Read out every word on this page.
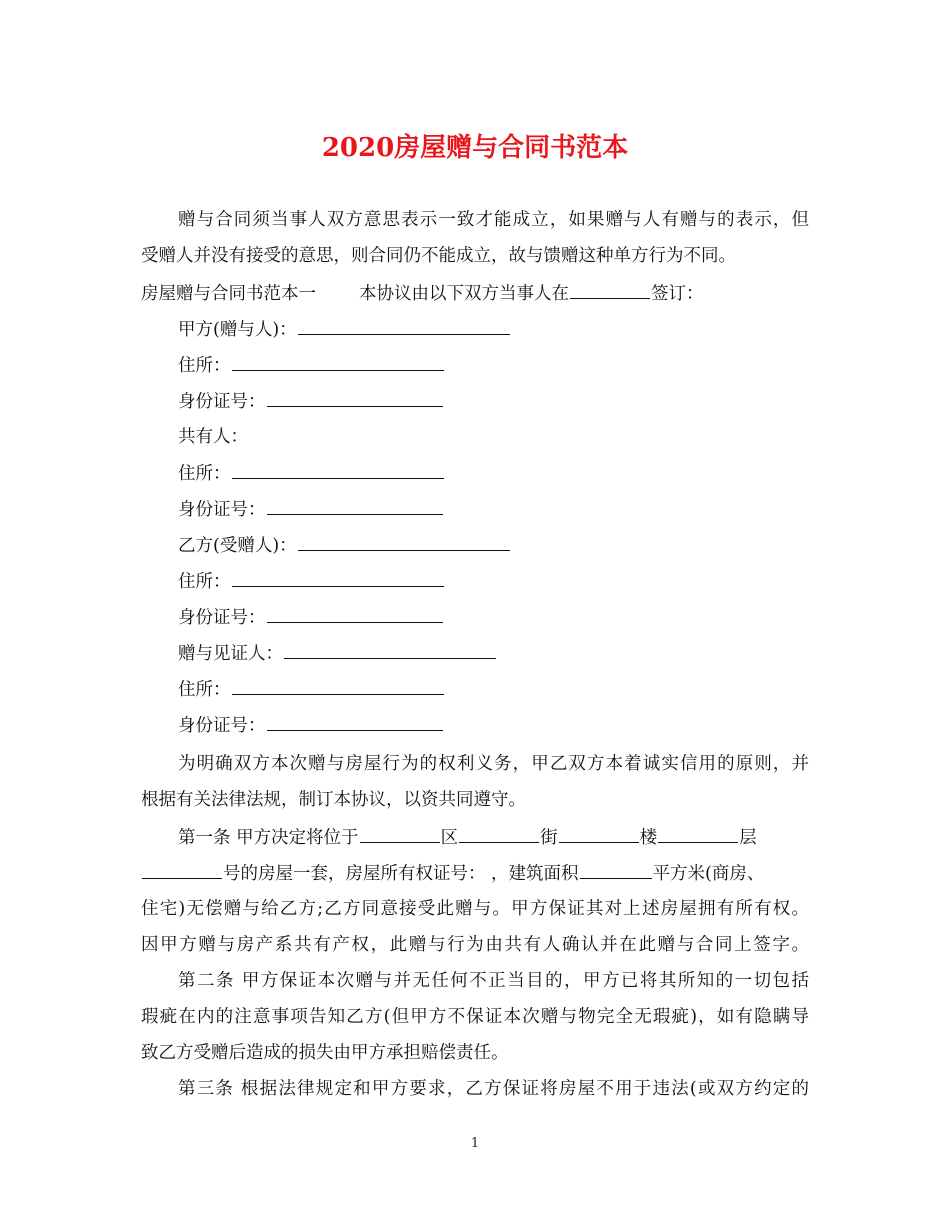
2020房屋赠与合同书范本
赠与合同须当事人双方意思表示一致才能成立，如果赠与人有赠与的表示，但
受赠人并没有接受的意思，则合同仍不能成立，故与馈赠这种单方行为不同。
房屋赠与合同书范本一 本协议由以下双方当事人在	签订：
甲方(赠与人)：
住所：
身份证号：
共有人：
住所：
身份证号：
乙方(受赠人)：
住所：
身份证号：
赠与见证人：
住所：
身份证号：
为明确双方本次赠与房屋行为的权利义务，甲乙双方本着诚实信用的原则，并
根据有关法律法规，制订本协议，以资共同遵守。
第一条 甲方决定将位于	区	街	楼	层
号的房屋一套，房屋所有权证号： ，建筑面积	平方米(商房、
住宅)无偿赠与给乙方;乙方同意接受此赠与。甲方保证其对上述房屋拥有所有权。
因甲方赠与房产系共有产权，此赠与行为由共有人确认并在此赠与合同上签字。
第二条 甲方保证本次赠与并无任何不正当目的，甲方已将其所知的一切包括
瑕疵在内的注意事项告知乙方(但甲方不保证本次赠与物完全无瑕疵)，如有隐瞒导
致乙方受赠后造成的损失由甲方承担赔偿责任。
第三条 根据法律规定和甲方要求，乙方保证将房屋不用于违法(或双方约定的
1
